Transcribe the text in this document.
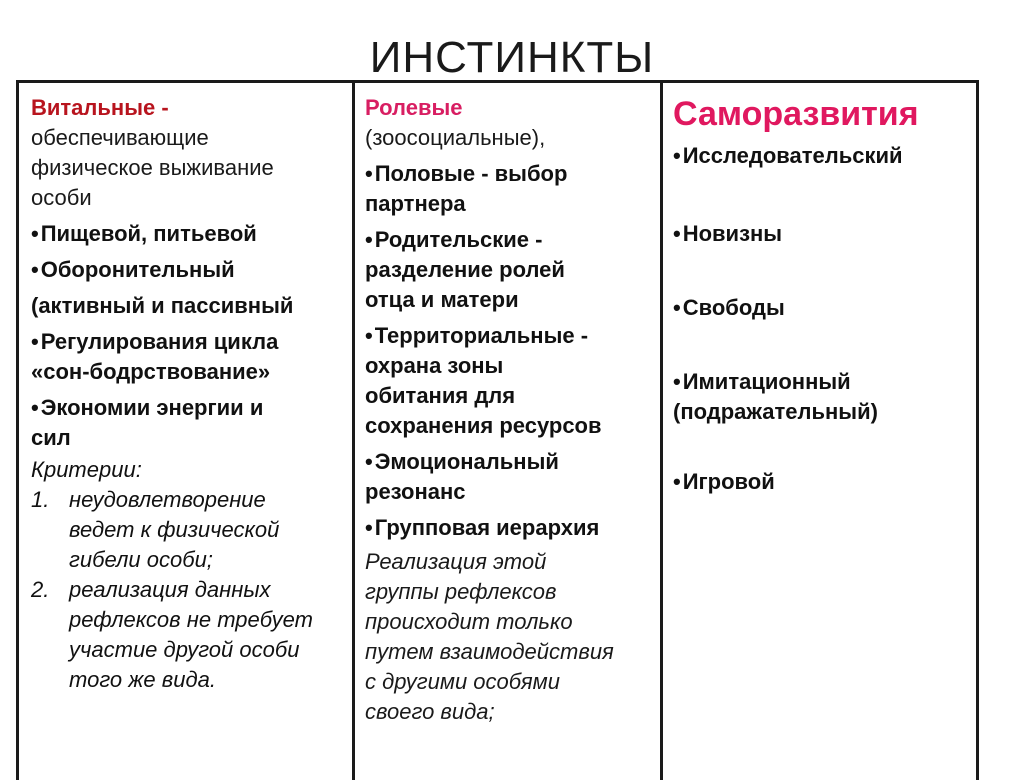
ИНСТИНКТЫ
Витальные -
обеспечивающие
физическое выживание
особи
•Пищевой, питьевой
•Оборонительный
(активный и пассивный
•Регулирования цикла
«сон-бодрствование»
•Экономии энергии и
сил
Критерии:
1. неудовлетворение
ведет к физической
гибели особи;
2. реализация данных
рефлексов не требует
участие другой особи
того же вида.
Ролевые
(зоосоциальные),
•Половые - выбор
партнера
•Родительские -
разделение ролей
отца и матери
•Территориальные -
охрана зоны
обитания для
сохранения ресурсов
•Эмоциональный
резонанс
•Групповая иерархия
Реализация этой
группы рефлексов
происходит только
путем взаимодействия
с другими особями
своего вида;
Саморазвития
•Исследовательский
•Новизны
•Свободы
•Имитационный
(подражательный)
•Игровой
